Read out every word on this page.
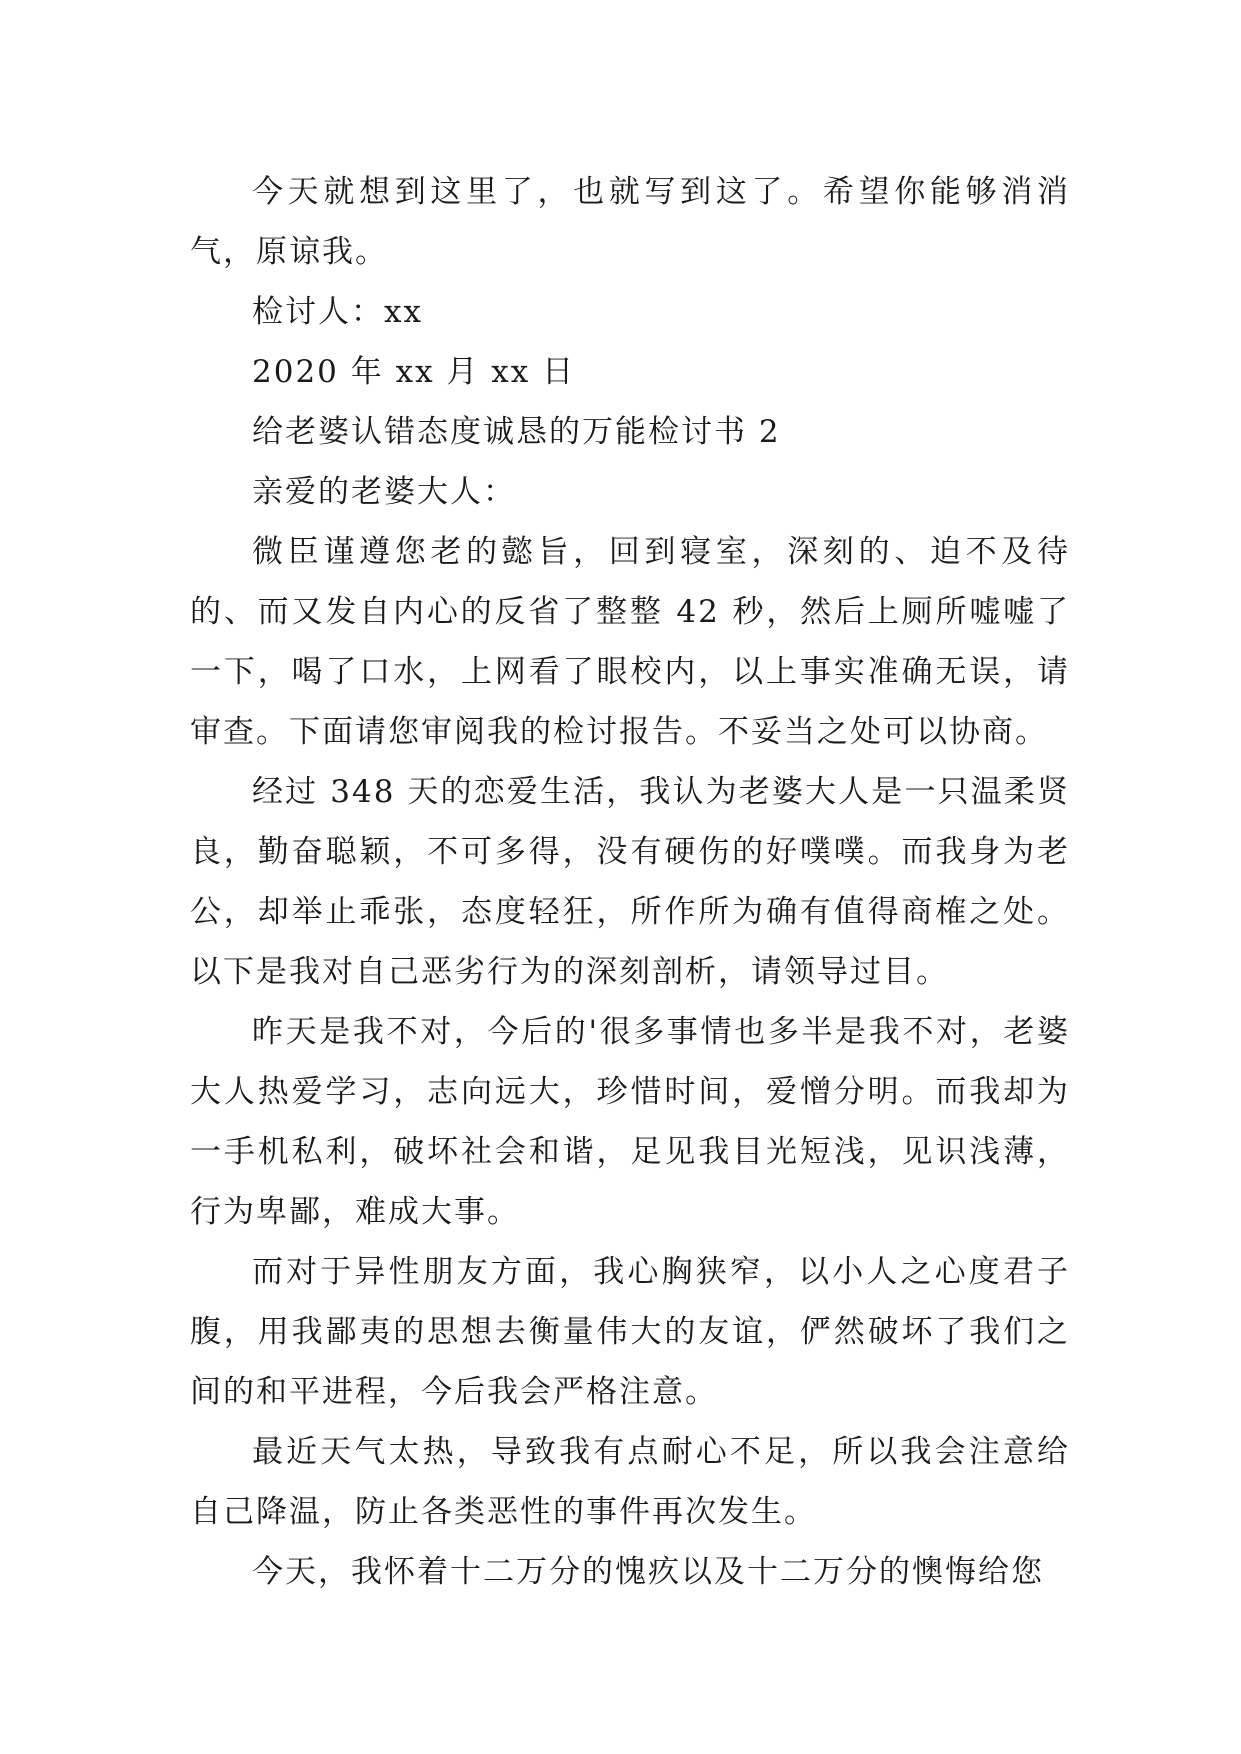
今天就想到这里了，也就写到这了。希望你能够消消气，原谅我。

检讨人：xx

2020 年 xx 月 xx 日

给老婆认错态度诚恳的万能检讨书 2

亲爱的老婆大人：

微臣谨遵您老的懿旨，回到寝室，深刻的、迫不及待的、而又发自内心的反省了整整 42 秒，然后上厕所嘘嘘了一下，喝了口水，上网看了眼校内，以上事实准确无误，请审查。下面请您审阅我的检讨报告。不妥当之处可以协商。

经过 348 天的恋爱生活，我认为老婆大人是一只温柔贤良，勤奋聪颖，不可多得，没有硬伤的好噗噗。而我身为老公，却举止乖张，态度轻狂，所作所为确有值得商榷之处。以下是我对自己恶劣行为的深刻剖析，请领导过目。

昨天是我不对，今后的'很多事情也多半是我不对，老婆大人热爱学习，志向远大，珍惜时间，爱憎分明。而我却为一手机私利，破坏社会和谐，足见我目光短浅，见识浅薄，行为卑鄙，难成大事。

而对于异性朋友方面，我心胸狭窄，以小人之心度君子腹，用我鄙夷的思想去衡量伟大的友谊，俨然破坏了我们之间的和平进程，今后我会严格注意。

最近天气太热，导致我有点耐心不足，所以我会注意给自己降温，防止各类恶性的事件再次发生。

今天，我怀着十二万分的愧疚以及十二万分的懊悔给您
